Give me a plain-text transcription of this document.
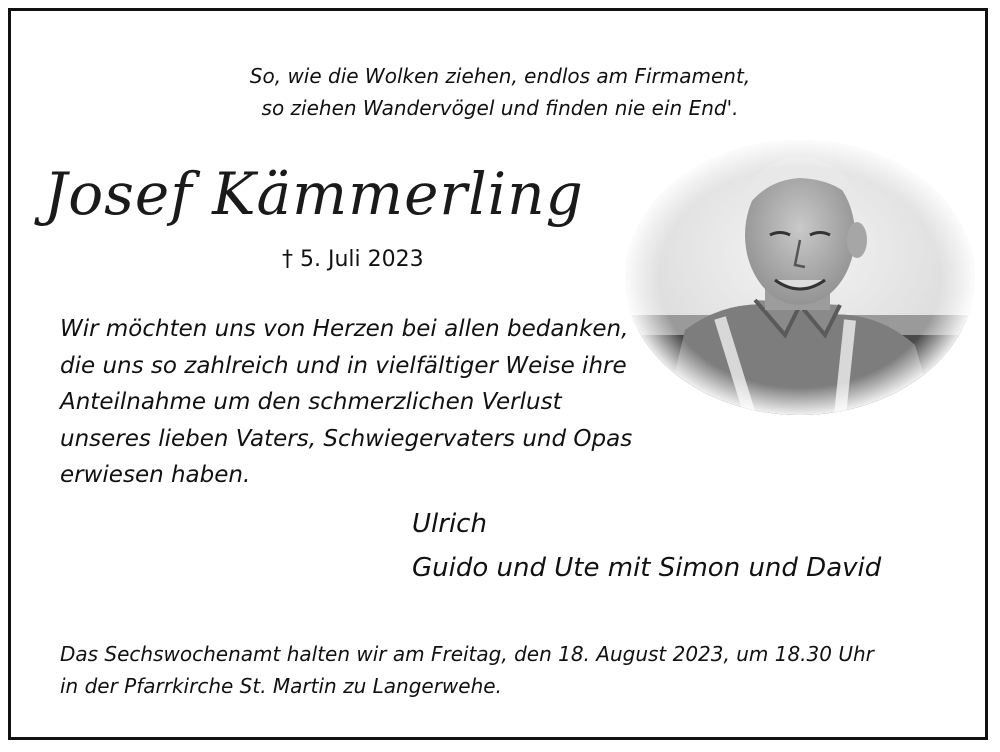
So, wie die Wolken ziehen, endlos am Firmament,
so ziehen Wandervögel und finden nie ein End'.
Josef Kämmerling
† 5. Juli 2023
Wir möchten uns von Herzen bei allen bedanken,
die uns so zahlreich und in vielfältiger Weise ihre
Anteilnahme um den schmerzlichen Verlust
unseres lieben Vaters, Schwiegervaters und Opas
erwiesen haben.
Ulrich
Guido und Ute mit Simon und David
Das Sechswochenamt halten wir am Freitag, den 18. August 2023, um 18.30 Uhr
in der Pfarrkirche St. Martin zu Langerwehe.
